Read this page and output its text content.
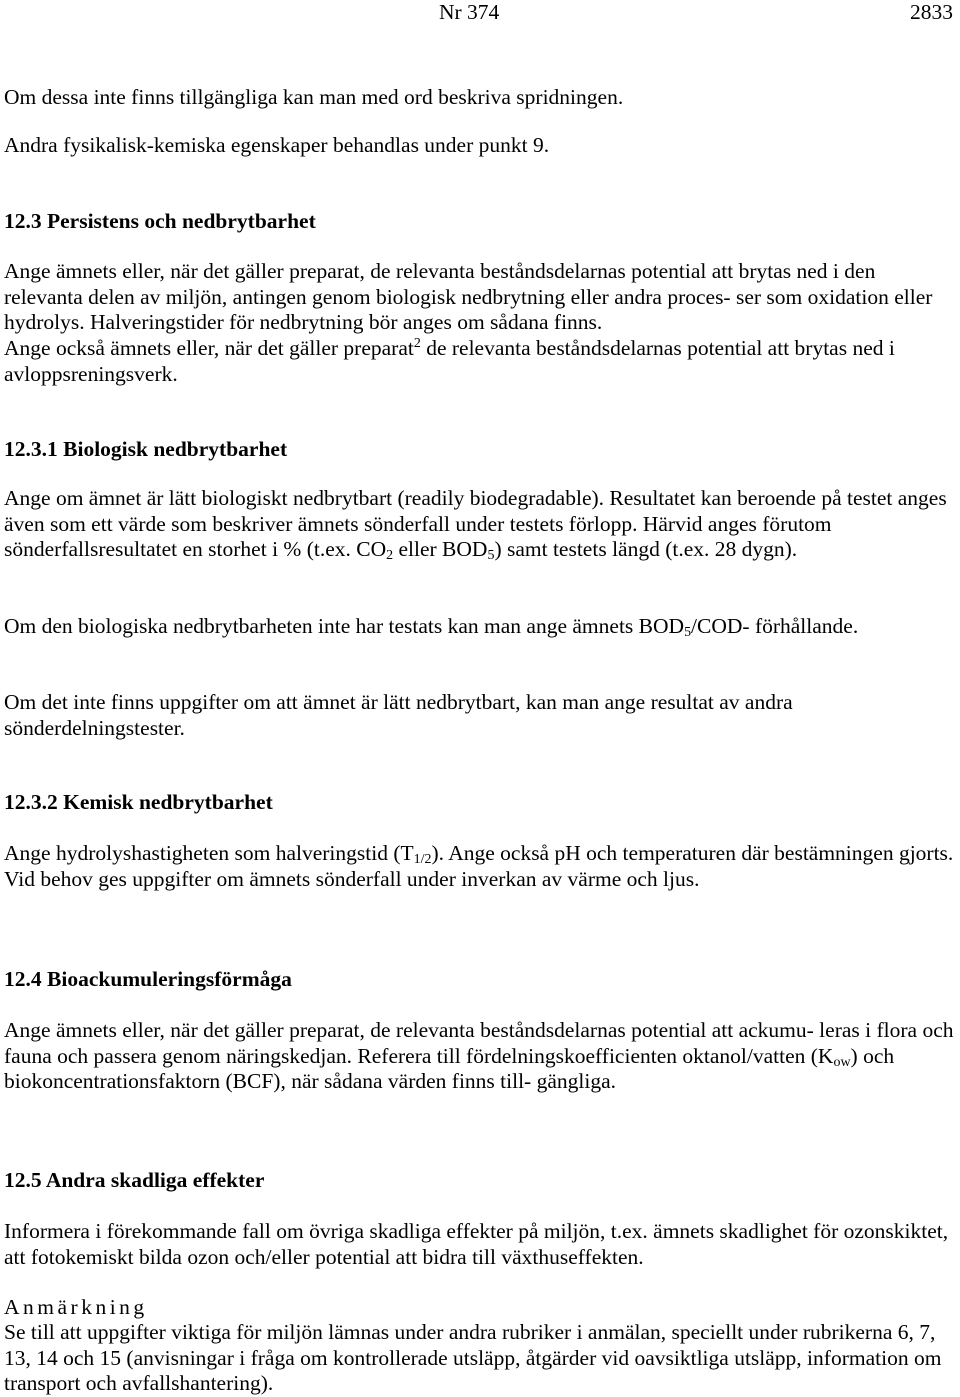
Nr 374	2833

Om dessa inte finns tillgängliga kan man med ord beskriva spridningen.

Andra fysikalisk-kemiska egenskaper behandlas under punkt 9.

12.3 Persistens och nedbrytbarhet

Ange ämnets eller, när det gäller preparat, de relevanta beståndsdelarnas potential att brytas ned i den relevanta delen av miljön, antingen genom biologisk nedbrytning eller andra proces- ser som oxidation eller hydrolys. Halveringstider för nedbrytning bör anges om sådana finns.

Ange också ämnets eller, när det gäller preparat$^2$ de relevanta beståndsdelarnas potential att brytas ned i avloppsreningsverk.

12.3.1 Biologisk nedbrytbarhet

Ange om ämnet är lätt biologiskt nedbrytbart (readily biodegradable). Resultatet kan beroende på testet anges även som ett värde som beskriver ämnets sönderfall under testets förlopp. Härvid anges förutom sönderfallsresultatet en storhet i % (t.ex. $CO_2$ eller $BOD_5$) samt testets längd (t.ex. 28 dygn).

Om den biologiska nedbrytbarheten inte har testats kan man ange ämnets $BOD_5/COD-$ förhållande.

Om det inte finns uppgifter om att ämnet är lätt nedbrytbart, kan man ange resultat av andra sönderdelningstester.

12.3.2 Kemisk nedbrytbarhet

Ange hydrolyshastigheten som halveringstid $(T_{1/2})$. Ange också pH och temperaturen där bestämningen gjorts. Vid behov ges uppgifter om ämnets sönderfall under inverkan av värme och ljus.

12.4 Bioackumuleringsförmåga

Ange ämnets eller, när det gäller preparat, de relevanta beståndsdelarnas potential att ackumu- leras i flora och fauna och passera genom näringskedjan. Referera till fördelningskoefficienten oktanol/vatten $(K_{ow})$ och biokoncentrationsfaktorn (BCF), när sådana värden finns till- gängliga.

12.5 Andra skadliga effekter

Informera i förekommande fall om övriga skadliga effekter på miljön, t.ex. ämnets skadlighet för ozonskiktet, att fotokemiskt bilda ozon och/eller potential att bidra till växthuseffekten.

Anmärkning

Se till att uppgifter viktiga för miljön lämnas under andra rubriker i anmälan, speciellt under rubrikerna 6, 7, 13, 14 och 15 (anvisningar i fråga om kontrollerade utsläpp, åtgärder vid oavsiktliga utsläpp, information om transport och avfallshantering).
